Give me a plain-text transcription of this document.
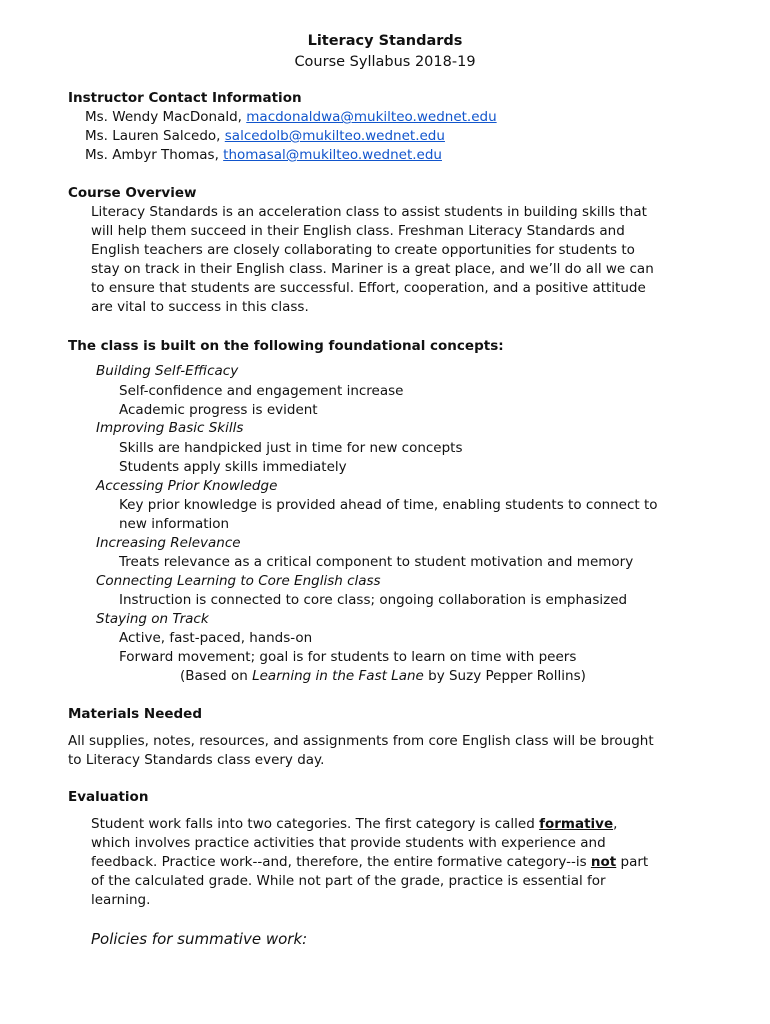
Literacy Standards
Course Syllabus 2018-19
Instructor Contact Information
Ms. Wendy MacDonald, macdonaldwa@mukilteo.wednet.edu
Ms. Lauren Salcedo, salcedolb@mukilteo.wednet.edu
Ms. Ambyr Thomas, thomasal@mukilteo.wednet.edu
Course Overview
Literacy Standards is an acceleration class to assist students in building skills that
will help them succeed in their English class. Freshman Literacy Standards and
English teachers are closely collaborating to create opportunities for students to
stay on track in their English class. Mariner is a great place, and we’ll do all we can
to ensure that students are successful. Effort, cooperation, and a positive attitude
are vital to success in this class.
The class is built on the following foundational concepts:
Building Self-Efficacy
Self-confidence and engagement increase
Academic progress is evident
Improving Basic Skills
Skills are handpicked just in time for new concepts
Students apply skills immediately
Accessing Prior Knowledge
Key prior knowledge is provided ahead of time, enabling students to connect to
new information
Increasing Relevance
Treats relevance as a critical component to student motivation and memory
Connecting Learning to Core English class
Instruction is connected to core class; ongoing collaboration is emphasized
Staying on Track
Active, fast-paced, hands-on
Forward movement; goal is for students to learn on time with peers
(Based on Learning in the Fast Lane by Suzy Pepper Rollins)
Materials Needed
All supplies, notes, resources, and assignments from core English class will be brought
to Literacy Standards class every day.
Evaluation
Student work falls into two categories. The first category is called formative,
which involves practice activities that provide students with experience and
feedback. Practice work--and, therefore, the entire formative category--is not part
of the calculated grade. While not part of the grade, practice is essential for
learning.
Policies for summative work:
